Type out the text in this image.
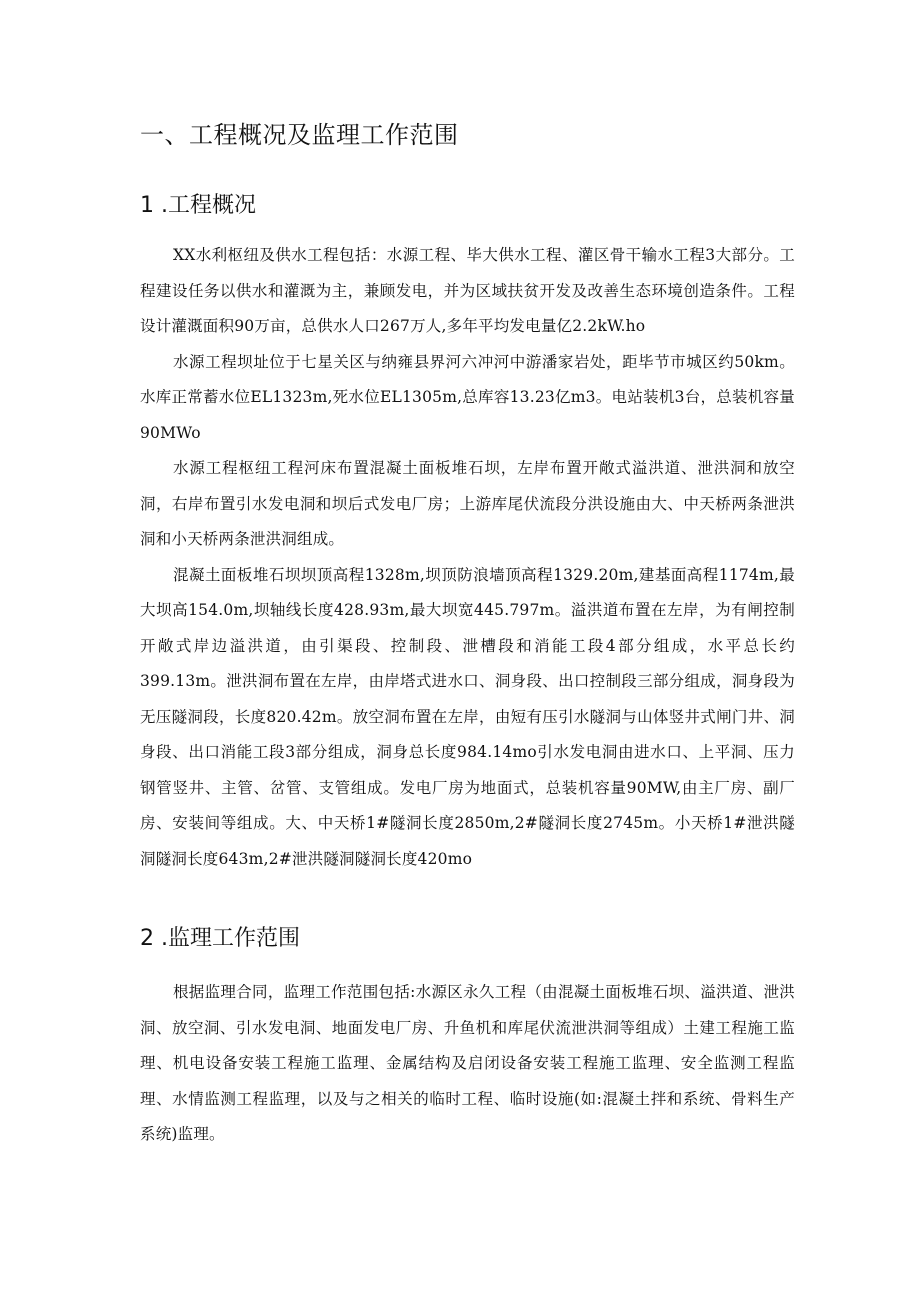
一、工程概况及监理工作范围
1 .工程概况

XX水利枢纽及供水工程包括：水源工程、毕大供水工程、灌区骨干输水工程3大部分。工程建设任务以供水和灌溉为主，兼顾发电，并为区域扶贫开发及改善生态环境创造条件。工程设计灌溉面积90万亩，总供水人口267万人,多年平均发电量亿2.2kW.ho

水源工程坝址位于七星关区与纳雍县界河六冲河中游潘家岩处，距毕节市城区约50km。水库正常蓄水位EL1323m,死水位EL1305m,总库容13.23亿m3。电站装机3台，总装机容量90MWo

水源工程枢纽工程河床布置混凝土面板堆石坝，左岸布置开敞式溢洪道、泄洪洞和放空洞，右岸布置引水发电洞和坝后式发电厂房；上游库尾伏流段分洪设施由大、中天桥两条泄洪洞和小天桥两条泄洪洞组成。

混凝土面板堆石坝坝顶高程1328m,坝顶防浪墙顶高程1329.20m,建基面高程1174m,最大坝高154.0m,坝轴线长度428.93m,最大坝宽445.797m。溢洪道布置在左岸，为有闸控制开敞式岸边溢洪道，由引渠段、控制段、泄槽段和消能工段4部分组成，水平总长约399.13m。泄洪洞布置在左岸，由岸塔式进水口、洞身段、出口控制段三部分组成，洞身段为无压隧洞段，长度820.42m。放空洞布置在左岸，由短有压引水隧洞与山体竖井式闸门井、洞身段、出口消能工段3部分组成，洞身总长度984.14mo引水发电洞由进水口、上平洞、压力钢管竖井、主管、岔管、支管组成。发电厂房为地面式，总装机容量90MW,由主厂房、副厂房、安装间等组成。大、中天桥1#隧洞长度2850m,2#隧洞长度2745m。小天桥1#泄洪隧洞隧洞长度643m,2#泄洪隧洞隧洞长度420mo

2 .监理工作范围

根据监理合同，监理工作范围包括:水源区永久工程（由混凝土面板堆石坝、溢洪道、泄洪洞、放空洞、引水发电洞、地面发电厂房、升鱼机和库尾伏流泄洪洞等组成）土建工程施工监理、机电设备安装工程施工监理、金属结构及启闭设备安装工程施工监理、安全监测工程监理、水情监测工程监理，以及与之相关的临时工程、临时设施(如:混凝土拌和系统、骨料生产系统)监理。
